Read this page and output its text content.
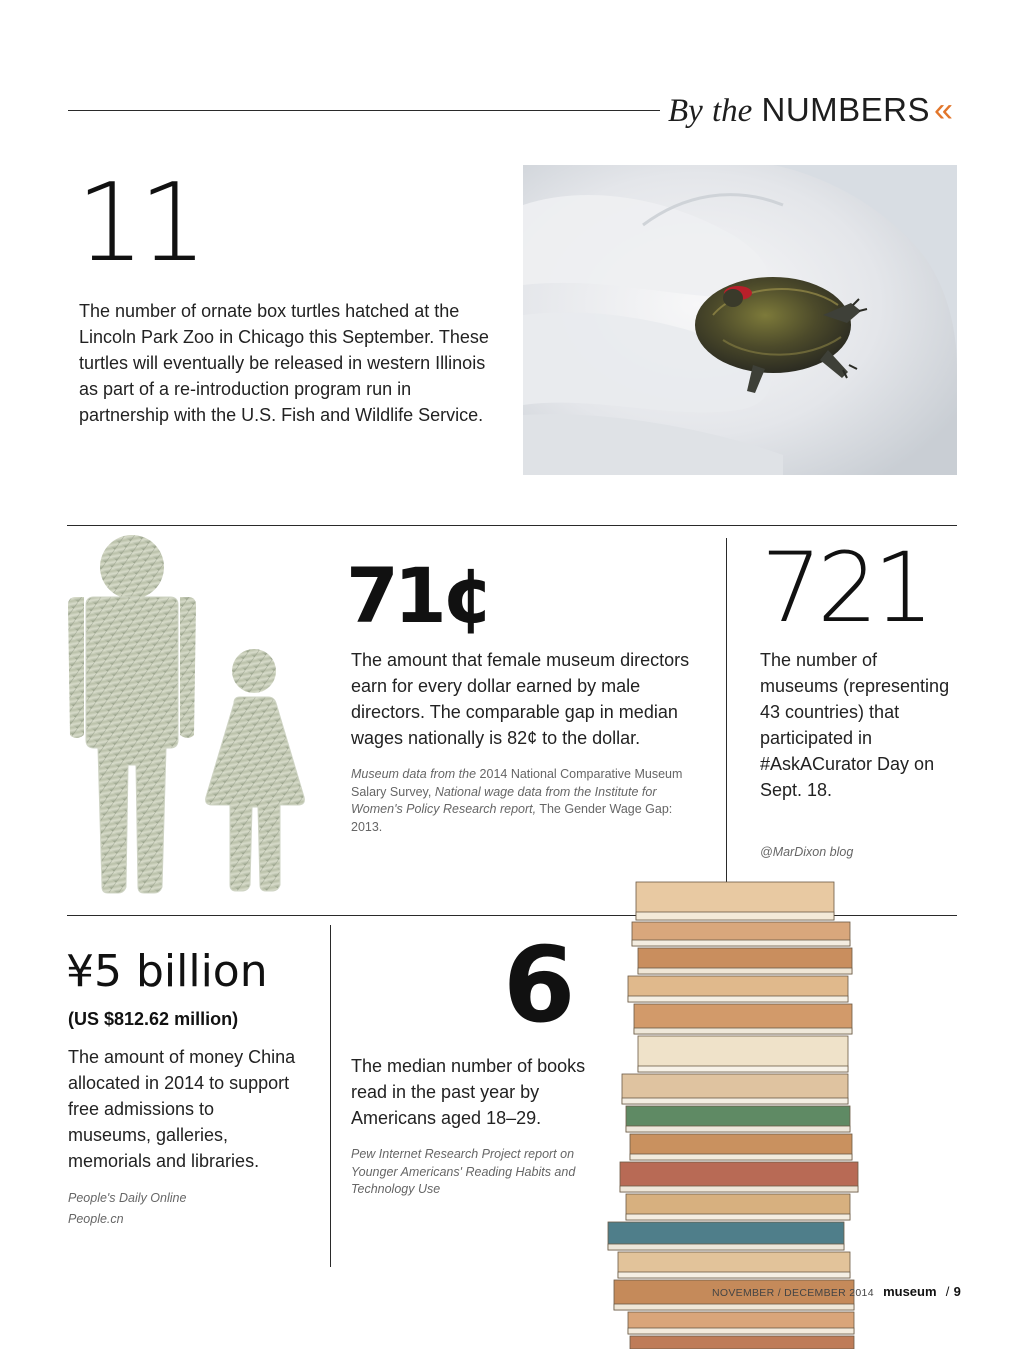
By the NUMBERS «
11
The number of ornate box turtles hatched at the Lincoln Park Zoo in Chicago this September. These turtles will eventually be released in western Illinois as part of a re-introduction program run in partnership with the U.S. Fish and Wildlife Service.
71¢
The amount that female museum directors earn for every dollar earned by male directors. The comparable gap in median wages nationally is 82¢ to the dollar.
Museum data from the 2014 National Comparative Museum Salary Survey, National wage data from the Institute for Women's Policy Research report, The Gender Wage Gap: 2013.
721
The number of museums (representing 43 countries) that participated in #AskACurator Day on Sept. 18.
@MarDixon blog
¥5 billion
(US $812.62 million)
The amount of money China allocated in 2014 to support free admissions to museums, galleries, memorials and libraries.
People's Daily Online
People.cn
6
The median number of books read in the past year by Americans aged 18–29.
Pew Internet Research Project report on Younger Americans' Reading Habits and Technology Use
NOVEMBER / DECEMBER 2014 museum / 9
